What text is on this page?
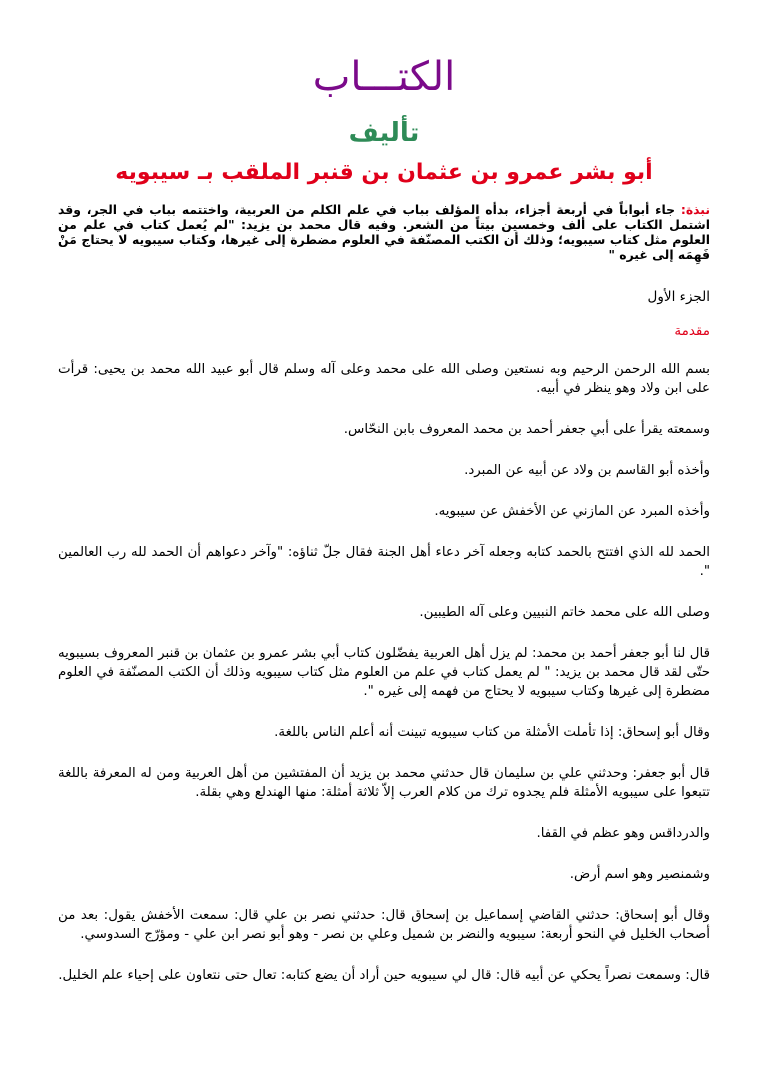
الكتـــاب
تأليف
أبو بشر عمرو بن عثمان بن قنبر الملقب بـ سيبويه
نبذة: جاء أبواباً في أربعة أجزاء، بدأه المؤلف بباب في علم الكلم من العربية، واختتمه بباب في الجر، وقد اشتمل الكتاب على ألف وخمسين بيتاً من الشعر. وفيه قال محمد بن يزيد: "لم يُعمل كتاب في علم من العلوم مثل كتاب سيبويه؛ وذلك أن الكتب المصنّفة في العلوم مضطرة إلى غيرها، وكتاب سيبويه لا يحتاج مَنْ فَهِمَه إلى غيره "
الجزء الأول
مقدمة

بسم الله الرحمن الرحيم وبه نستعين وصلى الله على محمد وعلى آله وسلم قال أبو عبيد الله محمد بن يحيى: قرأت على ابن ولاد وهو ينظر في أبيه.

وسمعته يقرأ على أبي جعفر أحمد بن محمد المعروف بابن النحّاس.

وأخذه أبو القاسم بن ولاد عن أبيه عن المبرد.

وأخذه المبرد عن المازني عن الأخفش عن سيبويه.

الحمد لله الذي افتتح بالحمد كتابه وجعله آخر دعاء أهل الجنة فقال جلّ ثناؤه: "وآخر دعواهم أن الحمد لله رب العالمين ".

وصلى الله على محمد خاتم النبيين وعلى آله الطيبين.

قال لنا أبو جعفر أحمد بن محمد: لم يزل أهل العربية يفضّلون كتاب أبي بشر عمرو بن عثمان بن قنبر المعروف بسيبويه حتّى لقد قال محمد بن يزيد: " لم يعمل كتاب في علم من العلوم مثل كتاب سيبويه وذلك أن الكتب المصنّفة في العلوم مضطرة إلى غيرها وكتاب سيبويه لا يحتاج من فهمه إلى غيره ".

وقال أبو إسحاق: إذا تأملت الأمثلة من كتاب سيبويه تبينت أنه أعلم الناس باللغة.

قال أبو جعفر: وحدثني علي بن سليمان قال حدثني محمد بن يزيد أن المفتشين من أهل العربية ومن له المعرفة باللغة تتبعوا على سيبويه الأمثلة فلم يجدوه ترك من كلام العرب إلاّ ثلاثة أمثلة: منها الهندلع وهي بقلة.

والدرداقس وهو عظم في القفا.

وشمنصير وهو اسم أرض.

وقال أبو إسحاق: حدثني القاضي إسماعيل بن إسحاق قال: حدثني نصر بن علي قال: سمعت الأخفش يقول: بعد من أصحاب الخليل في النحو أربعة: سيبويه والنضر بن شميل وعلي بن نصر - وهو أبو نصر ابن علي - ومؤرّج السدوسي.

قال: وسمعت نصراً يحكي عن أبيه قال: قال لي سيبويه حين أراد أن يضع كتابه: تعال حتى نتعاون على إحياء علم الخليل.
